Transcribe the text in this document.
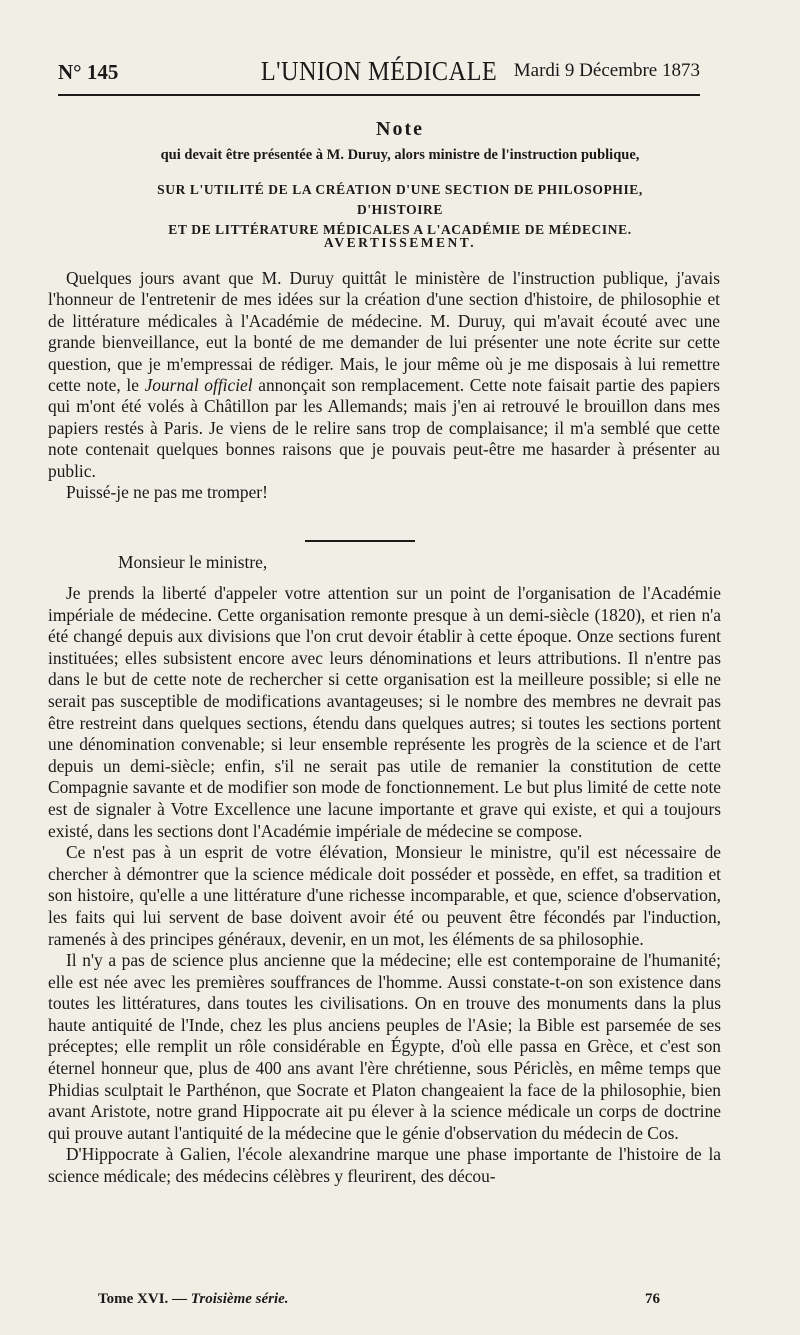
N° 145	L'UNION MÉDICALE Mardi 9 Décembre 1873
Note
qui devait être présentée à M. Duruy, alors ministre de l'instruction publique,
SUR L'UTILITÉ DE LA CRÉATION D'UNE SECTION DE PHILOSOPHIE, D'HISTOIRE
ET DE LITTÉRATURE MÉDICALES A L'ACADÉMIE DE MÉDECINE.
AVERTISSEMENT.

Quelques jours avant que M. Duruy quittât le ministère de l'instruction publique, j'avais l'honneur de l'entretenir de mes idées sur la création d'une section d'histoire, de philosophie et de littérature médicales à l'Académie de médecine. M. Duruy, qui m'avait écouté avec une grande bienveillance, eut la bonté de me demander de lui présenter une note écrite sur cette question, que je m'empressai de rédiger. Mais, le jour même où je me disposais à lui remettre cette note, le Journal officiel annonçait son remplacement. Cette note faisait partie des papiers qui m'ont été volés à Châtillon par les Allemands; mais j'en ai retrouvé le brouillon dans mes papiers restés à Paris. Je viens de le relire sans trop de complaisance; il m'a semblé que cette note contenait quelques bonnes raisons que je pouvais peut-être me hasarder à présenter au public.

Puissé-je ne pas me tromper!

Monsieur le ministre,

Je prends la liberté d'appeler votre attention sur un point de l'organisation de l'Académie impériale de médecine. Cette organisation remonte presque à un demi-siècle (1820), et rien n'a été changé depuis aux divisions que l'on crut devoir établir à cette époque. Onze sections furent instituées; elles subsistent encore avec leurs dénominations et leurs attributions. Il n'entre pas dans le but de cette note de rechercher si cette organisation est la meilleure possible; si elle ne serait pas susceptible de modifications avantageuses; si le nombre des membres ne devrait pas être restreint dans quelques sections, étendu dans quelques autres; si toutes les sections portent une dénomination convenable; si leur ensemble représente les progrès de la science et de l'art depuis un demi-siècle; enfin, s'il ne serait pas utile de remanier la constitution de cette Compagnie savante et de modifier son mode de fonctionnement. Le but plus limité de cette note est de signaler à Votre Excellence une lacune importante et grave qui existe, et qui a toujours existé, dans les sections dont l'Académie impériale de médecine se compose.

Ce n'est pas à un esprit de votre élévation, Monsieur le ministre, qu'il est nécessaire de chercher à démontrer que la science médicale doit posséder et possède, en effet, sa tradition et son histoire, qu'elle a une littérature d'une richesse incomparable, et que, science d'observation, les faits qui lui servent de base doivent avoir été ou peuvent être fécondés par l'induction, ramenés à des principes généraux, devenir, en un mot, les éléments de sa philosophie.

Il n'y a pas de science plus ancienne que la médecine; elle est contemporaine de l'humanité; elle est née avec les premières souffrances de l'homme. Aussi constate-t-on son existence dans toutes les littératures, dans toutes les civilisations. On en trouve des monuments dans la plus haute antiquité de l'Inde, chez les plus anciens peuples de l'Asie; la Bible est parsemée de ses préceptes; elle remplit un rôle considérable en Égypte, d'où elle passa en Grèce, et c'est son éternel honneur que, plus de 400 ans avant l'ère chrétienne, sous Périclès, en même temps que Phidias sculptait le Parthénon, que Socrate et Platon changeaient la face de la philosophie, bien avant Aristote, notre grand Hippocrate ait pu élever à la science médicale un corps de doctrine qui prouve autant l'antiquité de la médecine que le génie d'observation du médecin de Cos.

D'Hippocrate à Galien, l'école alexandrine marque une phase importante de l'histoire de la science médicale; des médecins célèbres y fleurirent, des décou-

Tome XVI. — Troisième série.	76
